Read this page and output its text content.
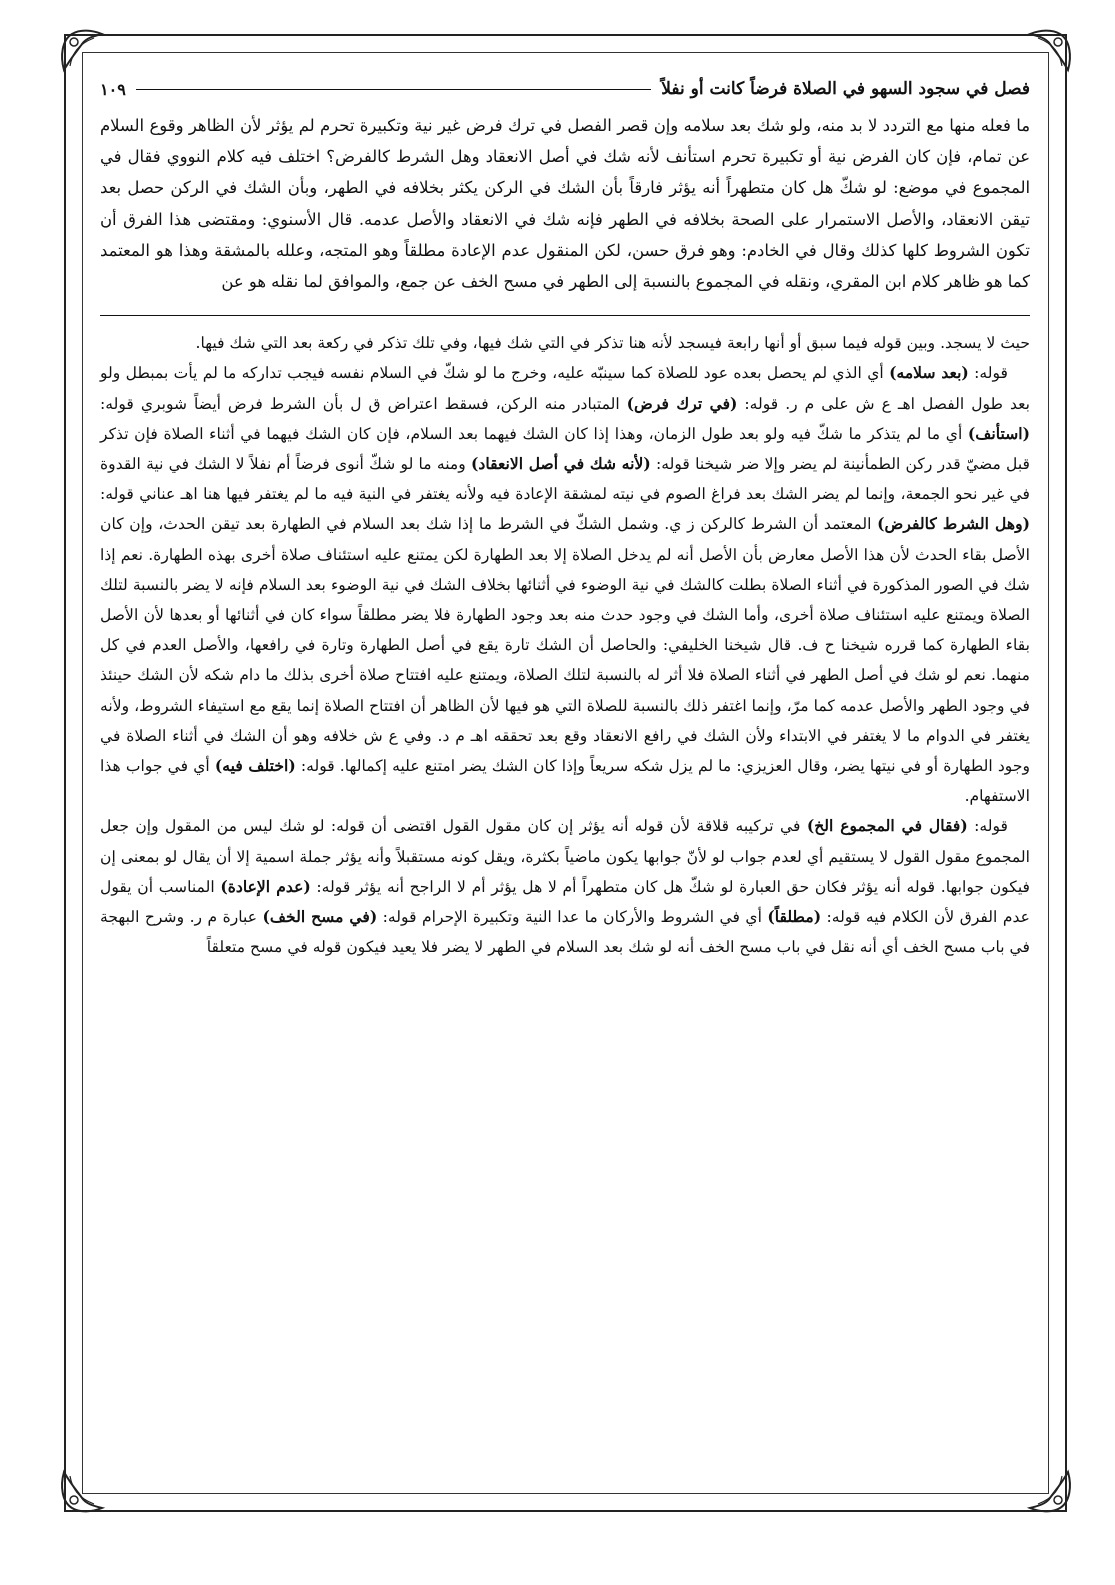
فصل في سجود السهو في الصلاة فرضاً كانت أو نفلاً
١٠٩

ما فعله منها مع التردد لا بد منه، ولو شك بعد سلامه وإن قصر الفصل في ترك فرض غير نية وتكبيرة تحرم لم يؤثر لأن الظاهر وقوع السلام عن تمام، فإن كان الفرض نية أو تكبيرة تحرم استأنف لأنه شك في أصل الانعقاد وهل الشرط كالفرض؟ اختلف فيه كلام النووي فقال في المجموع في موضع: لو شكّ هل كان متطهراً أنه يؤثر فارقاً بأن الشك في الركن يكثر بخلافه في الطهر، وبأن الشك في الركن حصل بعد تيقن الانعقاد، والأصل الاستمرار على الصحة بخلافه في الطهر فإنه شك في الانعقاد والأصل عدمه. قال الأسنوي: ومقتضى هذا الفرق أن تكون الشروط كلها كذلك وقال في الخادم: وهو فرق حسن، لكن المنقول عدم الإعادة مطلقاً وهو المتجه، وعلله بالمشقة وهذا هو المعتمد كما هو ظاهر كلام ابن المقري، ونقله في المجموع بالنسبة إلى الطهر في مسح الخف عن جمع، والموافق لما نقله هو عن

حيث لا يسجد. وبين قوله فيما سبق أو أنها رابعة فيسجد لأنه هنا تذكر في التي شك فيها، وفي تلك تذكر في ركعة بعد التي شك فيها.

قوله: (بعد سلامه) أي الذي لم يحصل بعده عود للصلاة كما سينبّه عليه، وخرج ما لو شكّ في السلام نفسه فيجب تداركه ما لم يأت بمبطل ولو بعد طول الفصل اهـ ع ش على م ر. قوله: (في ترك فرض) المتبادر منه الركن، فسقط اعتراض ق ل بأن الشرط فرض أيضاً شوبري قوله: (استأنف) أي ما لم يتذكر ما شكّ فيه ولو بعد طول الزمان، وهذا إذا كان الشك فيهما بعد السلام، فإن كان الشك فيهما في أثناء الصلاة فإن تذكر قبل مضيّ قدر ركن الطمأنينة لم يضر وإلا ضر شيخنا قوله: (لأنه شك في أصل الانعقاد) ومنه ما لو شكّ أنوى فرضاً أم نفلاً لا الشك في نية القدوة في غير نحو الجمعة، وإنما لم يضر الشك بعد فراغ الصوم في نيته لمشقة الإعادة فيه ولأنه يغتفر في النية فيه ما لم يغتفر فيها هنا اهـ عناني قوله: (وهل الشرط كالفرض) المعتمد أن الشرط كالركن ز ي. وشمل الشكّ في الشرط ما إذا شك بعد السلام في الطهارة بعد تيقن الحدث، وإن كان الأصل بقاء الحدث لأن هذا الأصل معارض بأن الأصل أنه لم يدخل الصلاة إلا بعد الطهارة لكن يمتنع عليه استئناف صلاة أخرى بهذه الطهارة. نعم إذا شك في الصور المذكورة في أثناء الصلاة بطلت كالشك في نية الوضوء في أثنائها بخلاف الشك في نية الوضوء بعد السلام فإنه لا يضر بالنسبة لتلك الصلاة ويمتنع عليه استئناف صلاة أخرى، وأما الشك في وجود حدث منه بعد وجود الطهارة فلا يضر مطلقاً سواء كان في أثنائها أو بعدها لأن الأصل بقاء الطهارة كما قرره شيخنا ح ف. قال شيخنا الخليفي: والحاصل أن الشك تارة يقع في أصل الطهارة وتارة في رافعها، والأصل العدم في كل منهما. نعم لو شك في أصل الطهر في أثناء الصلاة فلا أثر له بالنسبة لتلك الصلاة، ويمتنع عليه افتتاح صلاة أخرى بذلك ما دام شكه لأن الشك حينئذ في وجود الطهر والأصل عدمه كما مرّ، وإنما اغتفر ذلك بالنسبة للصلاة التي هو فيها لأن الظاهر أن افتتاح الصلاة إنما يقع مع استيفاء الشروط، ولأنه يغتفر في الدوام ما لا يغتفر في الابتداء ولأن الشك في رافع الانعقاد وقع بعد تحققه اهـ م د. وفي ع ش خلافه وهو أن الشك في أثناء الصلاة في وجود الطهارة أو في نيتها يضر، وقال العزيزي: ما لم يزل شكه سريعاً وإذا كان الشك يضر امتنع عليه إكمالها. قوله: (اختلف فيه) أي في جواب هذا الاستفهام.

قوله: (فقال في المجموع الخ) في تركيبه قلاقة لأن قوله أنه يؤثر إن كان مقول القول اقتضى أن قوله: لو شك ليس من المقول وإن جعل المجموع مقول القول لا يستقيم أي لعدم جواب لو لأنّ جوابها يكون ماضياً بكثرة، ويقل كونه مستقبلاً وأنه يؤثر جملة اسمية إلا أن يقال لو بمعنى إن فيكون جوابها. قوله أنه يؤثر فكان حق العبارة لو شكّ هل كان متطهراً أم لا هل يؤثر أم لا الراجح أنه يؤثر قوله: (عدم الإعادة) المناسب أن يقول عدم الفرق لأن الكلام فيه قوله: (مطلقاً) أي في الشروط والأركان ما عدا النية وتكبيرة الإحرام قوله: (في مسح الخف) عبارة م ر. وشرح البهجة في باب مسح الخف أي أنه نقل في باب مسح الخف أنه لو شك بعد السلام في الطهر لا يضر فلا يعيد فيكون قوله في مسح متعلقاً
